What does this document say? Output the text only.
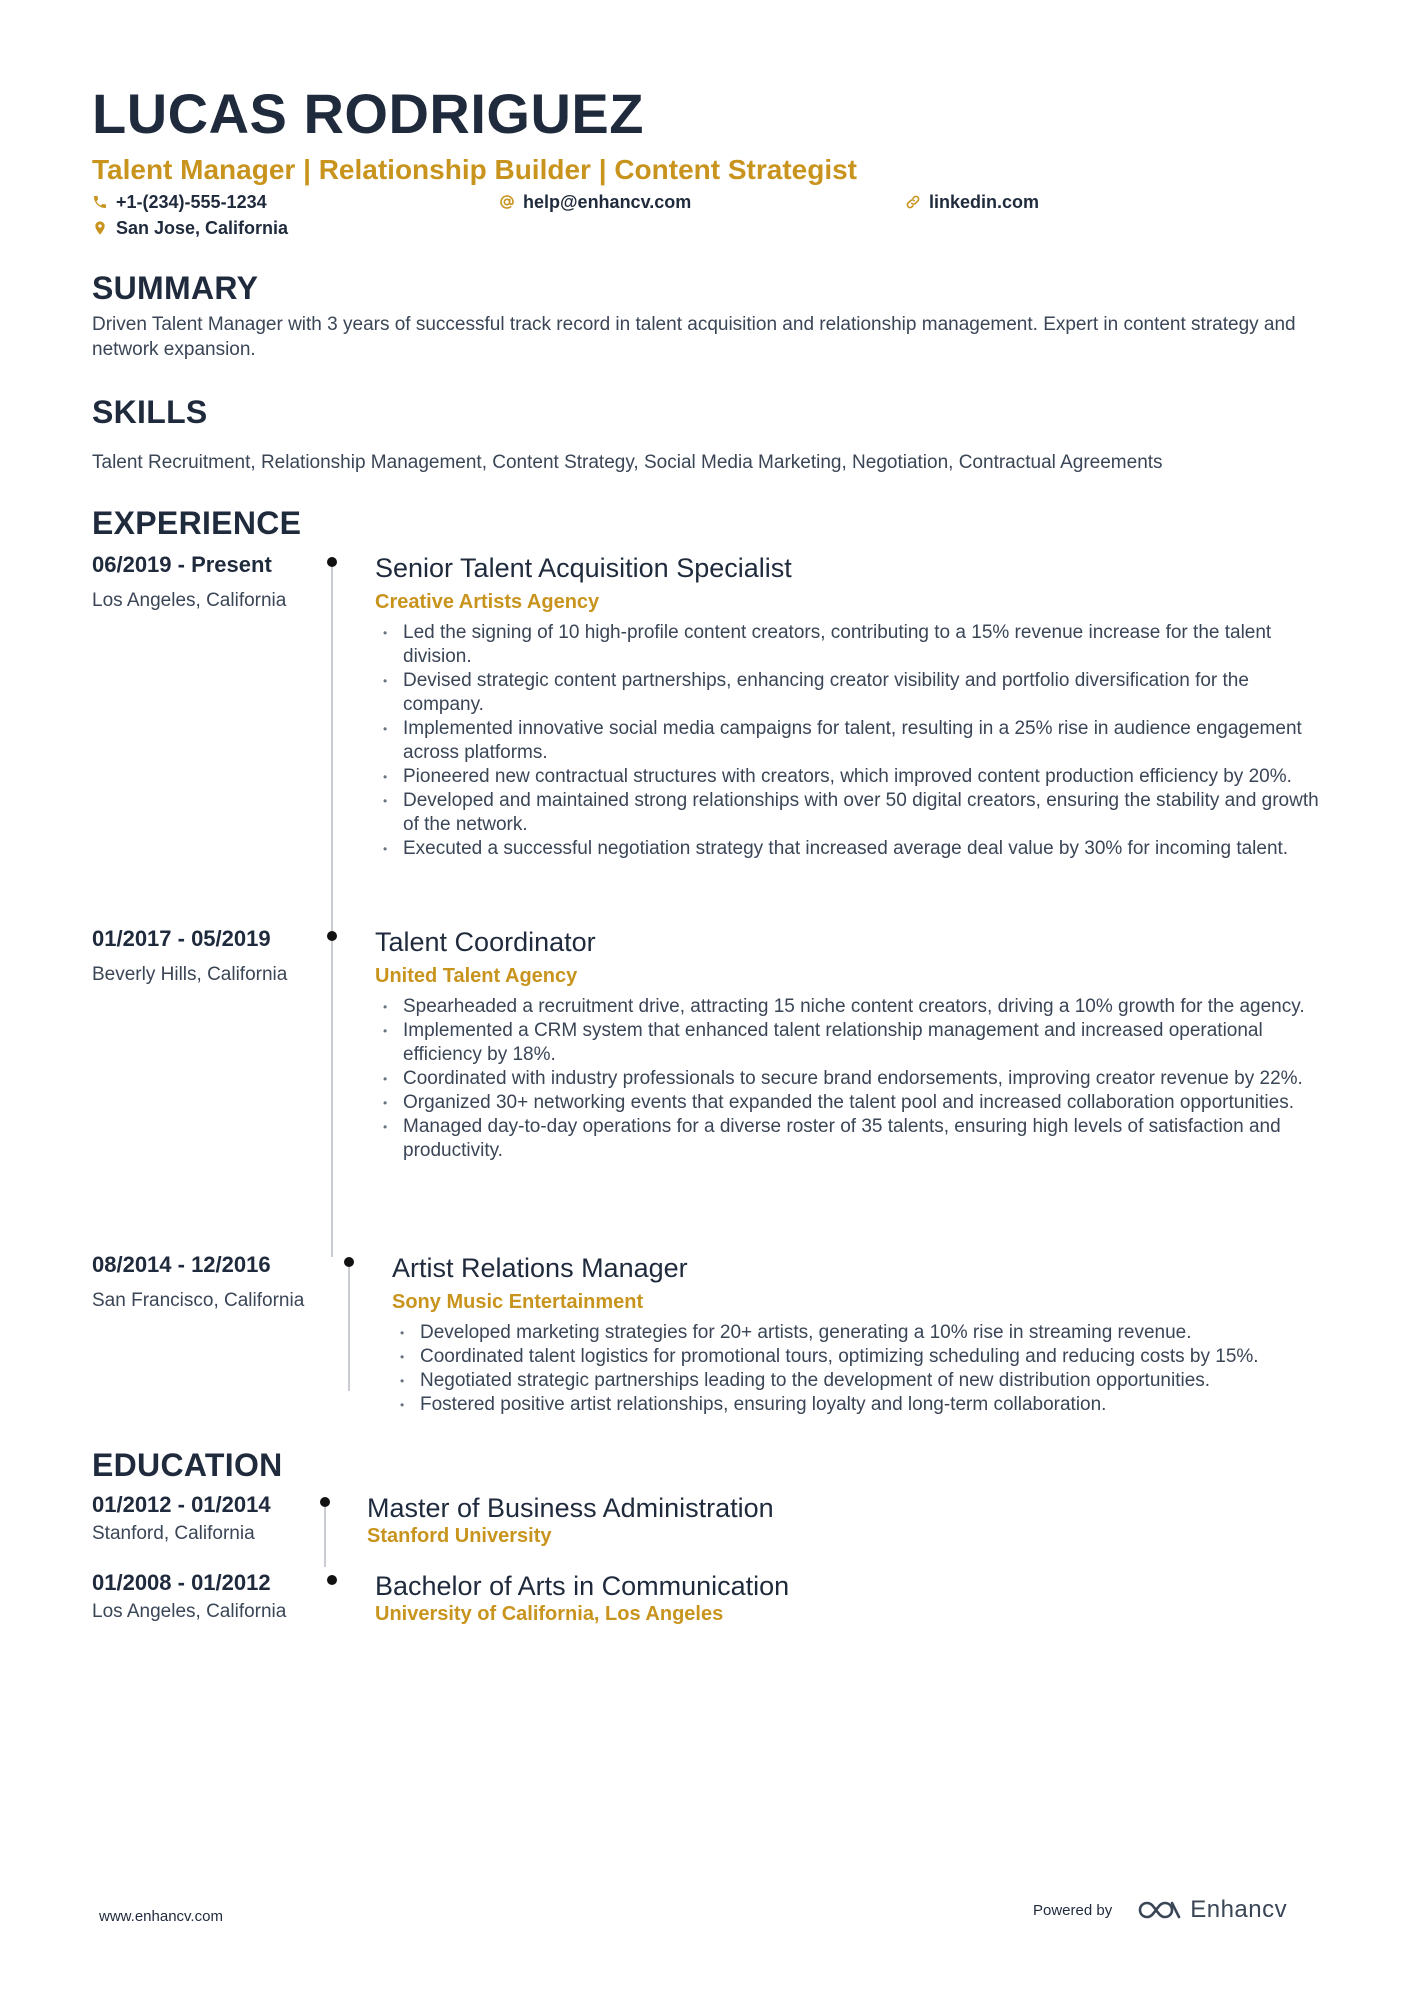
LUCAS RODRIGUEZ
Talent Manager | Relationship Builder | Content Strategist
+1-(234)-555-1234	help@enhancv.com	linkedin.com
San Jose, California
SUMMARY

Driven Talent Manager with 3 years of successful track record in talent acquisition and relationship management. Expert in content strategy and network expansion.

SKILLS

Talent Recruitment, Relationship Management, Content Strategy, Social Media Marketing, Negotiation, Contractual Agreements

EXPERIENCE
06/2019 - Present
Los Angeles, California
Senior Talent Acquisition Specialist
Creative Artists Agency
• Led the signing of 10 high-profile content creators, contributing to a 15% revenue increase for the talent division.
• Devised strategic content partnerships, enhancing creator visibility and portfolio diversification for the company.
• Implemented innovative social media campaigns for talent, resulting in a 25% rise in audience engagement across platforms.
• Pioneered new contractual structures with creators, which improved content production efficiency by 20%.
• Developed and maintained strong relationships with over 50 digital creators, ensuring the stability and growth of the network.
• Executed a successful negotiation strategy that increased average deal value by 30% for incoming talent.
01/2017 - 05/2019
Beverly Hills, California
Talent Coordinator
United Talent Agency
• Spearheaded a recruitment drive, attracting 15 niche content creators, driving a 10% growth for the agency.
• Implemented a CRM system that enhanced talent relationship management and increased operational efficiency by 18%.
• Coordinated with industry professionals to secure brand endorsements, improving creator revenue by 22%.
• Organized 30+ networking events that expanded the talent pool and increased collaboration opportunities.
• Managed day-to-day operations for a diverse roster of 35 talents, ensuring high levels of satisfaction and productivity.
08/2014 - 12/2016
San Francisco, California
Artist Relations Manager
Sony Music Entertainment
• Developed marketing strategies for 20+ artists, generating a 10% rise in streaming revenue.
• Coordinated talent logistics for promotional tours, optimizing scheduling and reducing costs by 15%.
• Negotiated strategic partnerships leading to the development of new distribution opportunities.
• Fostered positive artist relationships, ensuring loyalty and long-term collaboration.
EDUCATION
01/2012 - 01/2014
Stanford, California
Master of Business Administration
Stanford University
01/2008 - 01/2012
Los Angeles, California
Bachelor of Arts in Communication
University of California, Los Angeles
www.enhancv.com	Powered by	Enhancv
